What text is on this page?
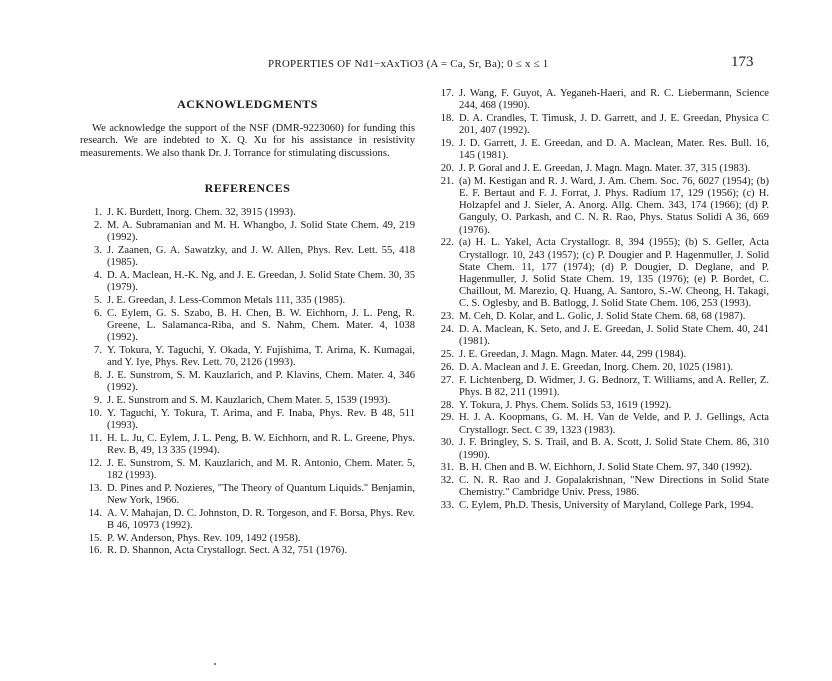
PROPERTIES OF Nd1−xAxTiO3 (A = Ca, Sr, Ba); 0 ≤ x ≤ 1	173
ACKNOWLEDGMENTS

We acknowledge the support of the NSF (DMR-9223060) for funding this research. We are indebted to X. Q. Xu for his assistance in resistivity measurements. We also thank Dr. J. Torrance for stimulating discussions.

REFERENCES
1. J. K. Burdett, Inorg. Chem. 32, 3915 (1993).
2. M. A. Subramanian and M. H. Whangbo, J. Solid State Chem. 49, 219 (1992).
3. J. Zaanen, G. A. Sawatzky, and J. W. Allen, Phys. Rev. Lett. 55, 418 (1985).
4. D. A. Maclean, H.-K. Ng, and J. E. Greedan, J. Solid State Chem. 30, 35 (1979).
5. J. E. Greedan, J. Less-Common Metals 111, 335 (1985).
6. C. Eylem, G. S. Szabo, B. H. Chen, B. W. Eichhorn, J. L. Peng, R. Greene, L. Salamanca-Riba, and S. Nahm, Chem. Mater. 4, 1038 (1992).
7. Y. Tokura, Y. Taguchi, Y. Okada, Y. Fujishima, T. Arima, K. Kumagai, and Y. Iye, Phys. Rev. Lett. 70, 2126 (1993).
8. J. E. Sunstrom, S. M. Kauzlarich, and P. Klavins, Chem. Mater. 4, 346 (1992).
9. J. E. Sunstrom and S. M. Kauzlarich, Chem Mater. 5, 1539 (1993).
10. Y. Taguchi, Y. Tokura, T. Arima, and F. Inaba, Phys. Rev. B 48, 511 (1993).
11. H. L. Ju, C. Eylem, J. L. Peng, B. W. Eichhorn, and R. L. Greene, Phys. Rev. B, 49, 13 335 (1994).
12. J. E. Sunstrom, S. M. Kauzlarich, and M. R. Antonio, Chem. Mater. 5, 182 (1993).
13. D. Pines and P. Nozieres, "The Theory of Quantum Liquids." Benjamin, New York, 1966.
14. A. V. Mahajan, D. C. Johnston, D. R. Torgeson, and F. Borsa, Phys. Rev. B 46, 10973 (1992).
15. P. W. Anderson, Phys. Rev. 109, 1492 (1958).
16. R. D. Shannon, Acta Crystallogr. Sect. A 32, 751 (1976).
17. J. Wang, F. Guyot, A. Yeganeh-Haeri, and R. C. Liebermann, Science 244, 468 (1990).
18. D. A. Crandles, T. Timusk, J. D. Garrett, and J. E. Greedan, Physica C 201, 407 (1992).
19. J. D. Garrett, J. E. Greedan, and D. A. Maclean, Mater. Res. Bull. 16, 145 (1981).
20. J. P. Goral and J. E. Greedan, J. Magn. Magn. Mater. 37, 315 (1983).
21. (a) M. Kestigan and R. J. Ward, J. Am. Chem. Soc. 76, 6027 (1954); (b) E. F. Bertaut and F. J. Forrat, J. Phys. Radium 17, 129 (1956); (c) H. Holzapfel and J. Sieler, A. Anorg. Allg. Chem. 343, 174 (1966); (d) P. Ganguly, O. Parkash, and C. N. R. Rao, Phys. Status Solidi A 36, 669 (1976).
22. (a) H. L. Yakel, Acta Crystallogr. 8, 394 (1955); (b) S. Geller, Acta Crystallogr. 10, 243 (1957); (c) P. Dougier and P. Hagenmuller, J. Solid State Chem. 11, 177 (1974); (d) P. Dougier, D. Deglane, and P. Hagenmuller, J. Solid State Chem. 19, 135 (1976); (e) P. Bordet, C. Chaillout, M. Marezio, Q. Huang, A. Santoro, S.-W. Cheong, H. Takagi, C. S. Oglesby, and B. Batlogg, J. Solid State Chem. 106, 253 (1993).
23. M. Ceh, D. Kolar, and L. Golic, J. Solid State Chem. 68, 68 (1987).
24. D. A. Maclean, K. Seto, and J. E. Greedan, J. Solid State Chem. 40, 241 (1981).
25. J. E. Greedan, J. Magn. Magn. Mater. 44, 299 (1984).
26. D. A. Maclean and J. E. Greedan, Inorg. Chem. 20, 1025 (1981).
27. F. Lichtenberg, D. Widmer, J. G. Bednorz, T. Williams, and A. Reller, Z. Phys. B 82, 211 (1991).
28. Y. Tokura, J. Phys. Chem. Solids 53, 1619 (1992).
29. H. J. A. Koopmans, G. M. H. Van de Velde, and P. J. Gellings, Acta Crystallogr. Sect. C 39, 1323 (1983).
30. J. F. Bringley, S. S. Trail, and B. A. Scott, J. Solid State Chem. 86, 310 (1990).
31. B. H. Chen and B. W. Eichhorn, J. Solid State Chem. 97, 340 (1992).
32. C. N. R. Rao and J. Gopalakrishnan, "New Directions in Solid State Chemistry." Cambridge Univ. Press, 1986.
33. C. Eylem, Ph.D. Thesis, University of Maryland, College Park, 1994.
